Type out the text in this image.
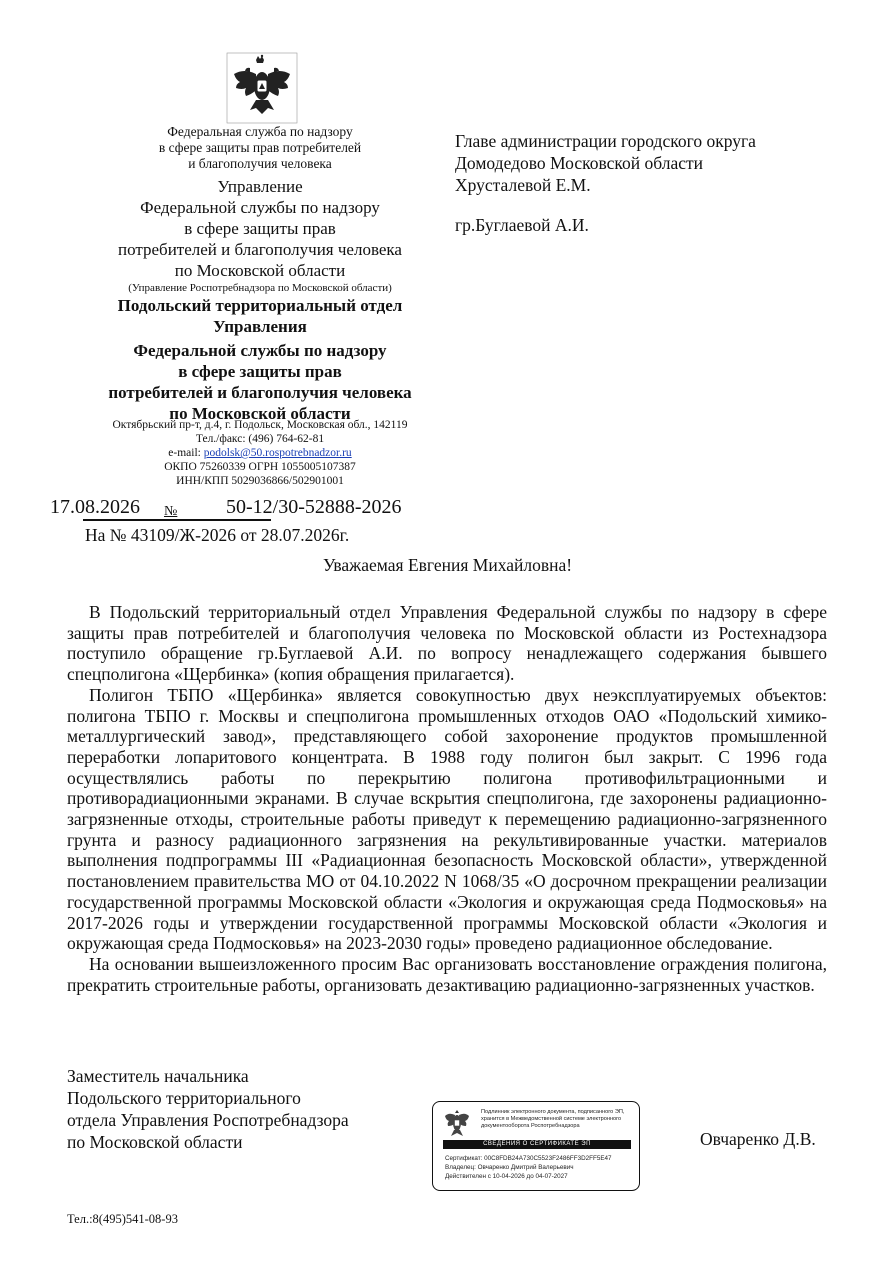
Федеральная служба по надзору
в сфере защиты прав потребителей
и благополучия человека
Управление
Федеральной службы по надзору
в сфере защиты прав
потребителей и благополучия человека
по Московской области
(Управление Роспотребнадзора по Московской области)
Подольский территориальный отдел
Управления
Федеральной службы по надзору
в сфере защиты прав
потребителей и благополучия человека
по Московской области
Октябрьский пр-т, д.4, г. Подольск, Московская обл., 142119
Тел./факс: (496) 764-62-81
e-mail: podolsk@50.rospotrebnadzor.ru
ОКПО 75260339 ОГРН 1055005107387
ИНН/КПП 5029036866/502901001
Главе администрации городского округа
Домодедово Московской области
Хрусталевой Е.М.
гр.Буглаевой А.И.
17.08.2026 № 50-12/30-52888-2026
На № 43109/Ж-2026 от 28.07.2026г.
Уважаемая Евгения Михайловна!

В Подольский территориальный отдел Управления Федеральной службы по надзору в сфере защиты прав потребителей и благополучия человека по Московской области из Ростехнадзора поступило обращение гр.Буглаевой А.И. по вопросу ненадлежащего содержания бывшего спецполигона «Щербинка» (копия обращения прилагается).

Полигон ТБПО «Щербинка» является совокупностью двух неэксплуатируемых объектов: полигона ТБПО г. Москвы и спецполигона промышленных отходов ОАО «Подольский химико-металлургический завод», представляющего собой захоронение продуктов промышленной переработки лопаритового концентрата. В 1988 году полигон был закрыт. С 1996 года осуществлялись работы по перекрытию полигона противофильтрационными и противорадиационными экранами. В случае вскрытия спецполигона, где захоронены радиационно-загрязненные отходы, строительные работы приведут к перемещению радиационно-загрязненного грунта и разносу радиационного загрязнения на рекультивированные участки. материалов выполнения подпрограммы III «Радиационная безопасность Московской области», утвержденной постановлением правительства МО от 04.10.2022 N 1068/35 «О досрочном прекращении реализации государственной программы Московской области «Экология и окружающая среда Подмосковья» на 2017-2026 годы и утверждении государственной программы Московской области «Экология и окружающая среда Подмосковья» на 2023-2030 годы» проведено радиационное обследование.

На основании вышеизложенного просим Вас организовать восстановление ограждения полигона, прекратить строительные работы, организовать дезактивацию радиационно-загрязненных участков.

Заместитель начальника
Подольского территориального
отдела Управления Роспотребнадзора
по Московской области
Подлинник электронного документа, подписанного ЭП,
хранится в Межведомственной системе электронного
документооборота Роспотребнадзора
СВЕДЕНИЯ О СЕРТИФИКАТЕ ЭП
Сертификат: 00C8FDB24A730C5523F2486FF3D2FF5E47
Владелец: Овчаренко Дмитрий Валерьевич
Действителен с 10-04-2026 до 04-07-2027
Овчаренко Д.В.
Тел.:8(495)541-08-93
